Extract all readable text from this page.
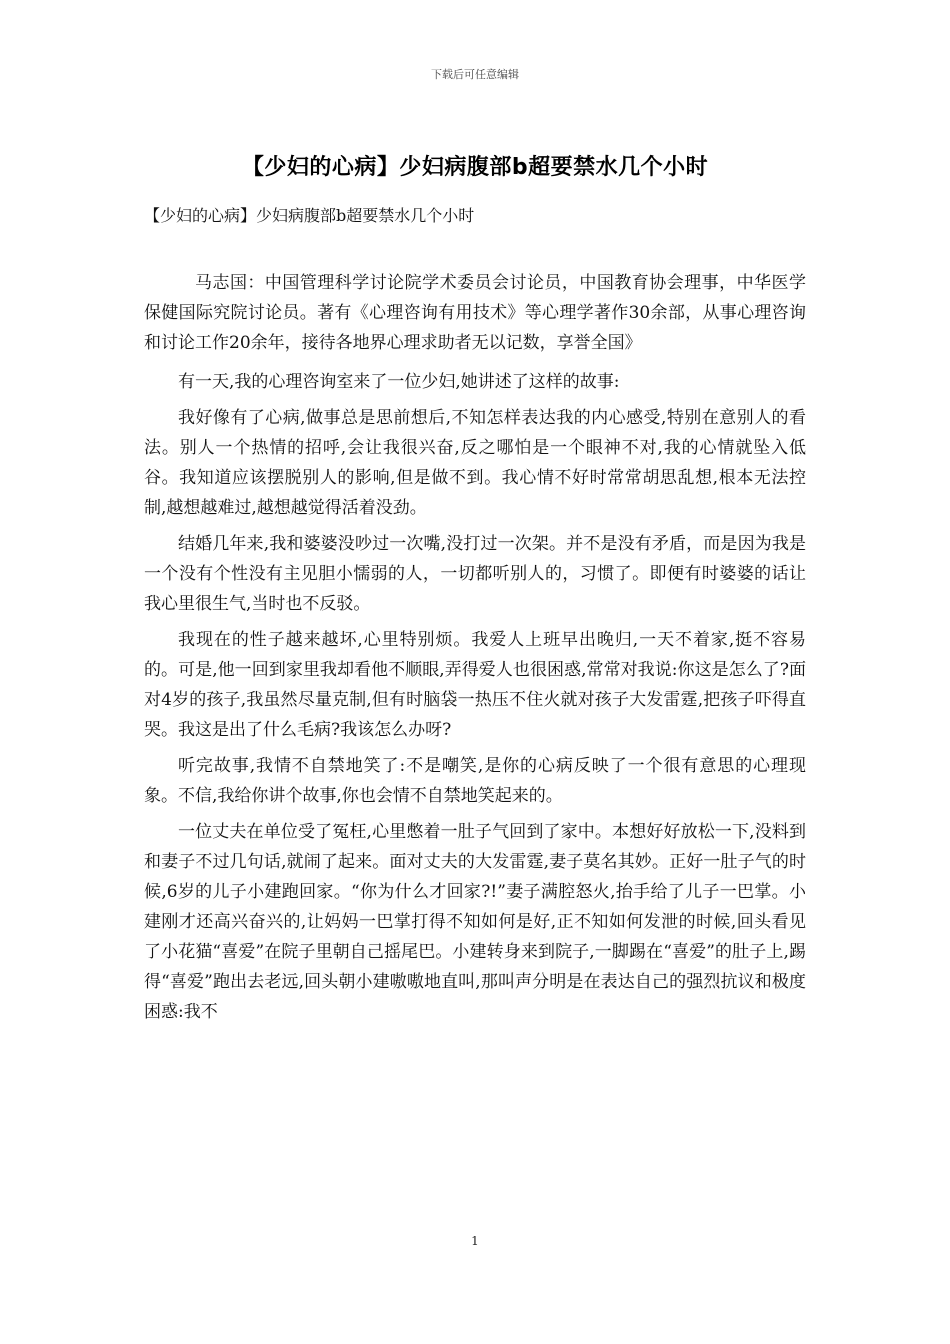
下载后可任意编辑
【少妇的心病】少妇病腹部b超要禁水几个小时
【少妇的心病】少妇病腹部b超要禁水几个小时

马志国：中国管理科学讨论院学术委员会讨论员，中国教育协会理事，中华医学保健国际究院讨论员。著有《心理咨询有用技术》等心理学著作30余部，从事心理咨询和讨论工作20余年，接待各地界心理求助者无以记数，享誉全国》

有一天,我的心理咨询室来了一位少妇,她讲述了这样的故事:

我好像有了心病,做事总是思前想后,不知怎样表达我的内心感受,特别在意别人的看法。别人一个热情的招呼,会让我很兴奋,反之哪怕是一个眼神不对,我的心情就坠入低谷。我知道应该摆脱别人的影响,但是做不到。我心情不好时常常胡思乱想,根本无法控制,越想越难过,越想越觉得活着没劲。

结婚几年来,我和婆婆没吵过一次嘴,没打过一次架。并不是没有矛盾，而是因为我是一个没有个性没有主见胆小懦弱的人，一切都听别人的，习惯了。即便有时婆婆的话让我心里很生气,当时也不反驳。

我现在的性子越来越坏,心里特别烦。我爱人上班早出晚归,一天不着家,挺不容易的。可是,他一回到家里我却看他不顺眼,弄得爱人也很困惑,常常对我说:你这是怎么了?面对4岁的孩子,我虽然尽量克制,但有时脑袋一热压不住火就对孩子大发雷霆,把孩子吓得直哭。我这是出了什么毛病?我该怎么办呀?

听完故事,我情不自禁地笑了:不是嘲笑,是你的心病反映了一个很有意思的心理现象。不信,我给你讲个故事,你也会情不自禁地笑起来的。

一位丈夫在单位受了冤枉,心里憋着一肚子气回到了家中。本想好好放松一下,没料到和妻子不过几句话,就闹了起来。面对丈夫的大发雷霆,妻子莫名其妙。正好一肚子气的时候,6岁的儿子小建跑回家。“你为什么才回家?!”妻子满腔怒火,抬手给了儿子一巴掌。小建刚才还高兴奋兴的,让妈妈一巴掌打得不知如何是好,正不知如何发泄的时候,回头看见了小花猫“喜爱”在院子里朝自己摇尾巴。小建转身来到院子,一脚踢在“喜爱”的肚子上,踢得“喜爱”跑出去老远,回头朝小建嗷嗷地直叫,那叫声分明是在表达自己的强烈抗议和极度困惑:我不

1
